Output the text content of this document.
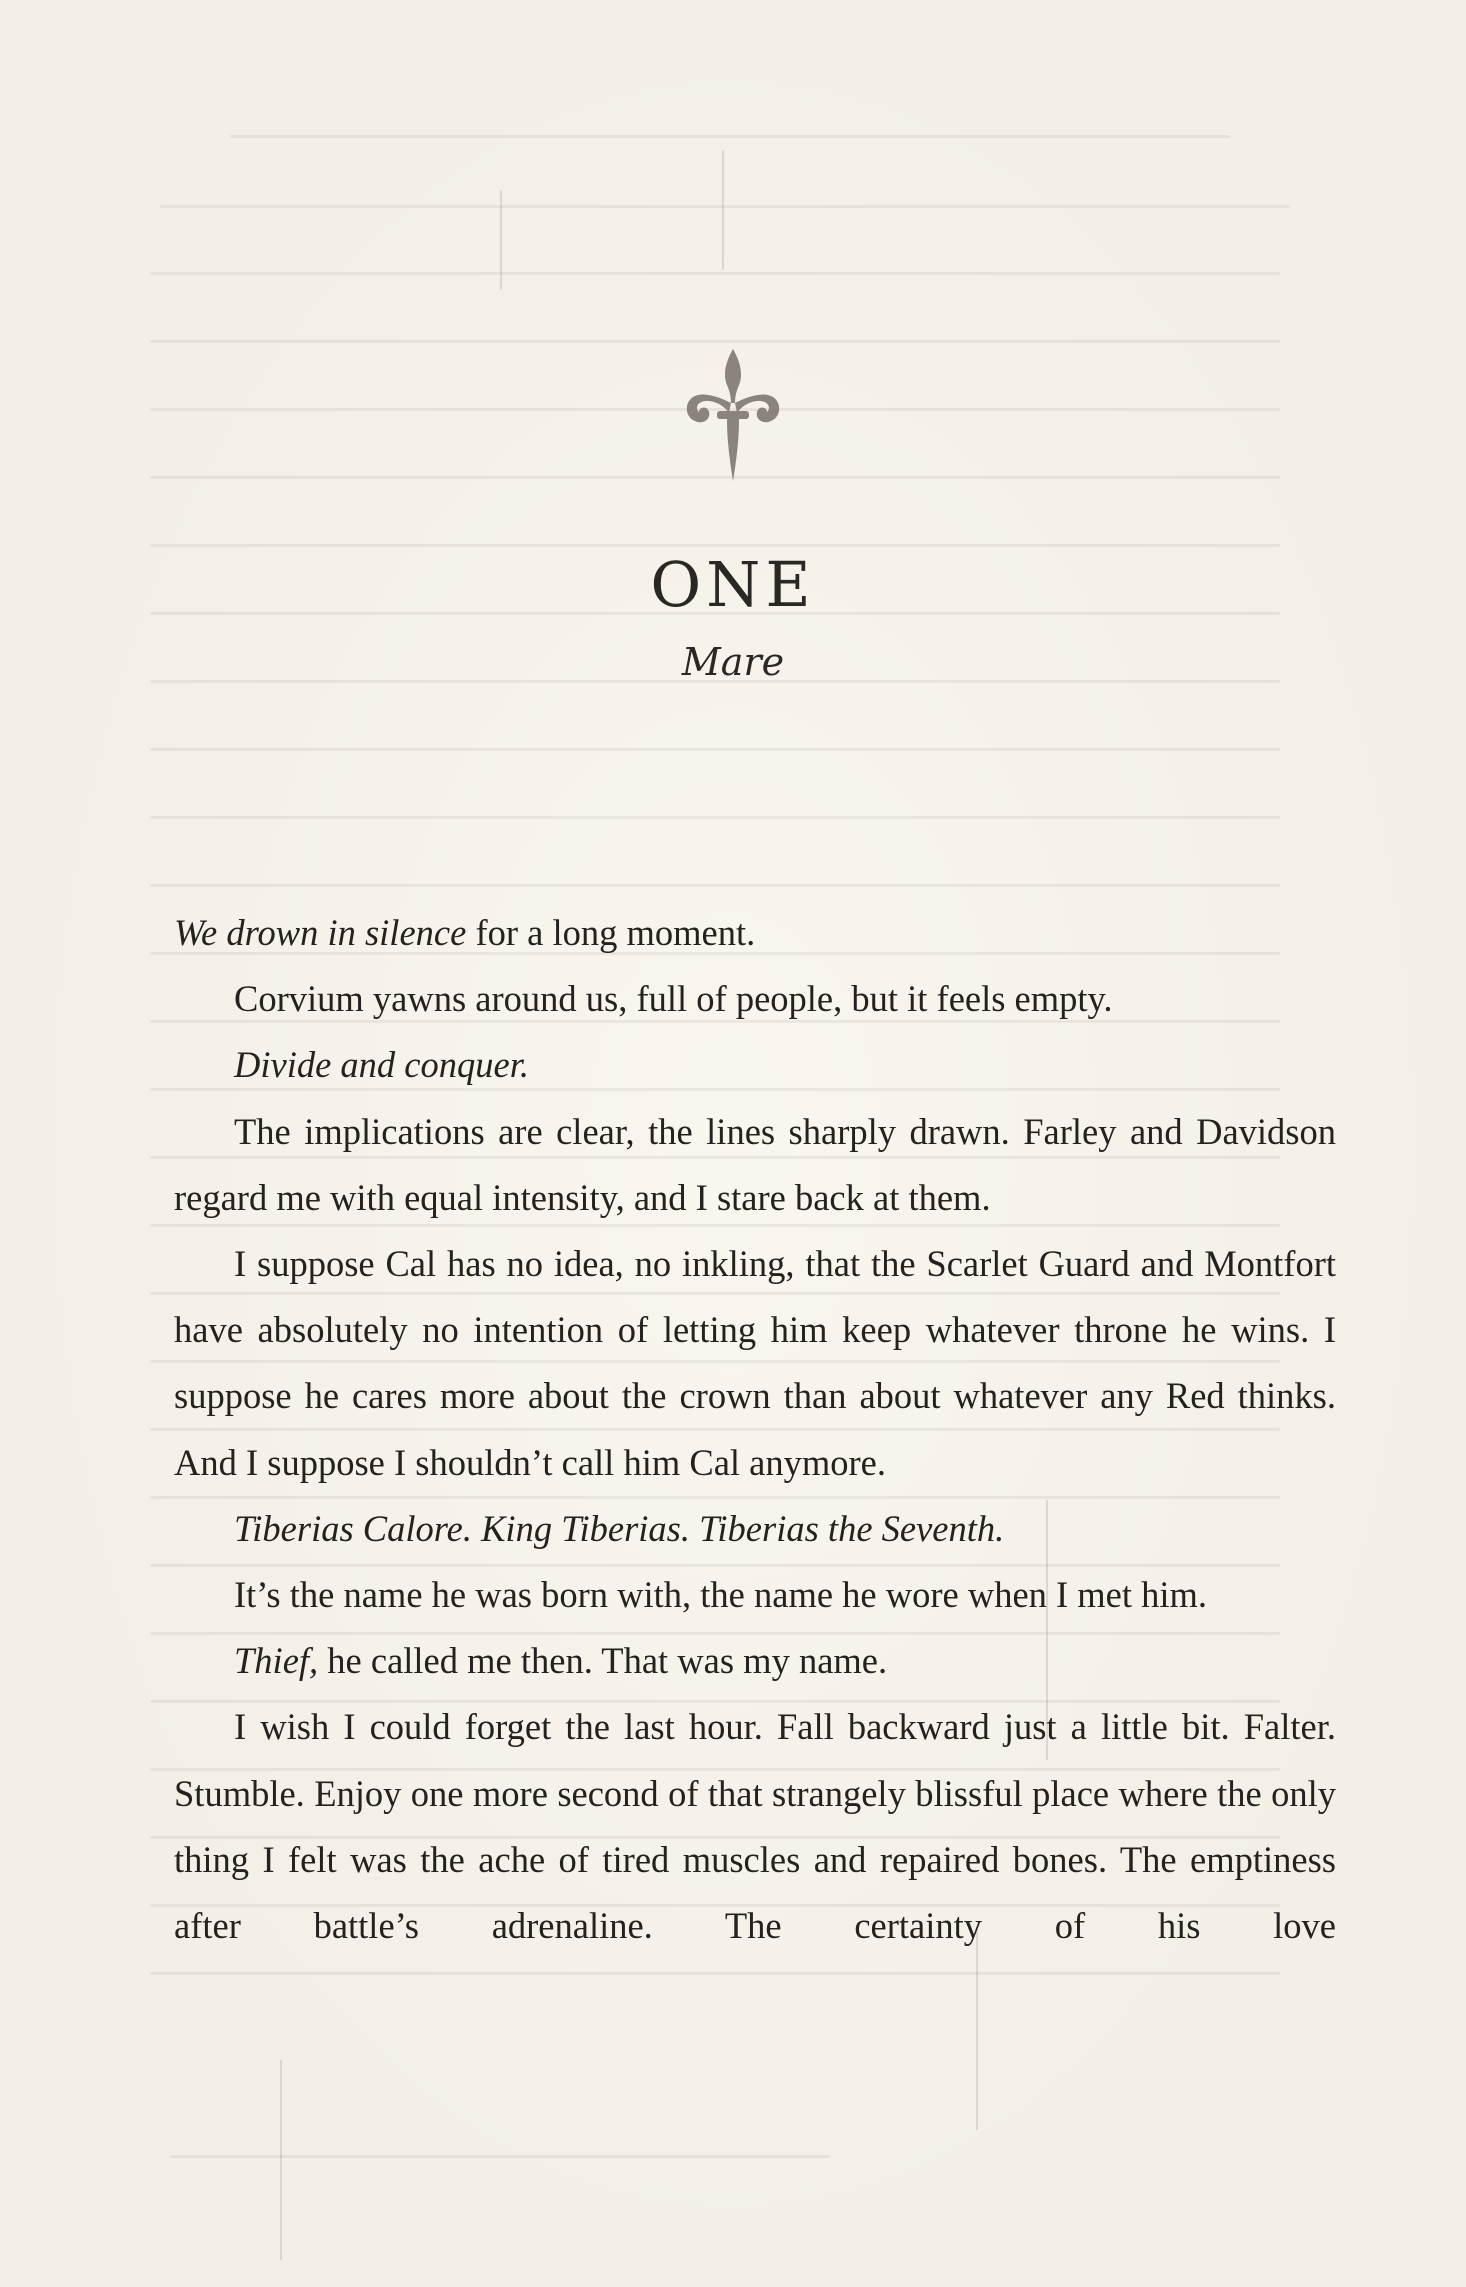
ONE
Mare

We drown in silence for a long moment.

Corvium yawns around us, full of people, but it feels empty.

Divide and conquer.

The implications are clear, the lines sharply drawn. Farley and Davidson regard me with equal intensity, and I stare back at them.

I suppose Cal has no idea, no inkling, that the Scarlet Guard and Montfort have absolutely no intention of letting him keep whatever throne he wins. I suppose he cares more about the crown than about whatever any Red thinks. And I suppose I shouldn’t call him Cal anymore.

Tiberias Calore. King Tiberias. Tiberias the Seventh.

It’s the name he was born with, the name he wore when I met him.

Thief, he called me then. That was my name.

I wish I could forget the last hour. Fall backward just a little bit. Falter. Stumble. Enjoy one more second of that strangely blissful place where the only thing I felt was the ache of tired muscles and repaired bones. The emptiness after battle’s adrenaline. The certainty of his love
